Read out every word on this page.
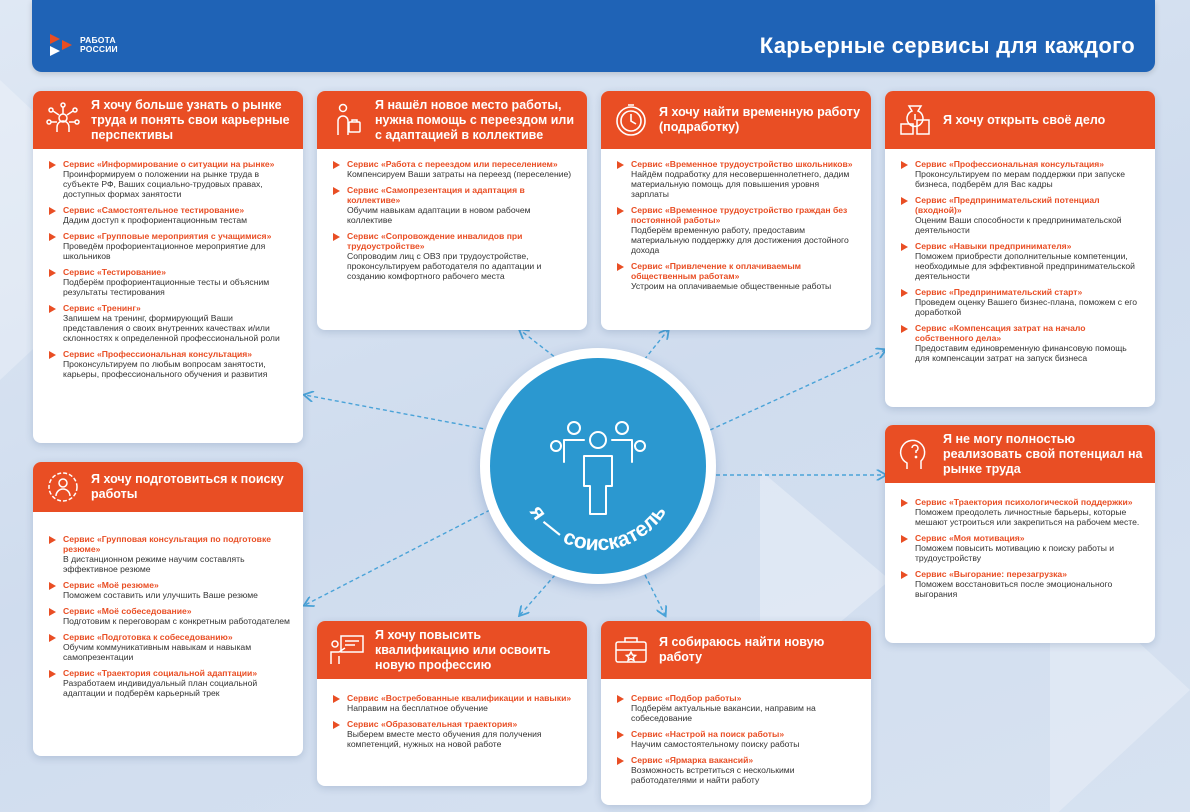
РАБОТА
РОССИИ	Карьерные сервисы для каждого
я — соискатель
Я хочу больше узнать о рынке труда и понять свои карьерные перспективы
Сервис «Информирование о ситуации на рынке»
Проинформируем о положении на рынке труда в субъекте РФ, Ваших социально-трудовых правах, доступных формах занятости
Сервис «Самостоятельное тестирование»
Дадим доступ к профориентационным тестам
Сервис «Групповые мероприятия с учащимися»
Проведём профориентационное мероприятие для школьников
Сервис «Тестирование»
Подберём профориентационные тесты и объясним результаты тестирования
Сервис «Тренинг»
Запишем на тренинг, формирующий Ваши представления о своих внутренних качествах и/или склонностях к определенной профессиональной роли
Сервис «Профессиональная консультация»
Проконсультируем по любым вопросам занятости, карьеры, профессионального обучения и развития
Я нашёл новое место работы, нужна помощь с переездом или с адаптацией в коллективе
Сервис «Работа с переездом или переселением»
Компенсируем Ваши затраты на переезд (переселение)
Сервис «Самопрезентация и адаптация в коллективе»
Обучим навыкам адаптации в новом рабочем коллективе
Сервис «Сопровождение инвалидов при трудоустройстве»
Сопроводим лиц с ОВЗ при трудоустройстве, проконсультируем работодателя по адаптации и созданию комфортного рабочего места
Я хочу найти временную работу (подработку)
Сервис «Временное трудоустройство школьников»
Найдём подработку для несовершеннолетнего, дадим материальную помощь для повышения уровня зарплаты
Сервис «Временное трудоустройство граждан без постоянной работы»
Подберём временную работу, предоставим материальную поддержку для достижения достойного дохода
Сервис «Привлечение к оплачиваемым общественным работам»
Устроим на оплачиваемые общественные работы
Я хочу открыть своё дело
Сервис «Профессиональная консультация»
Проконсультируем по мерам поддержки при запуске бизнеса, подберём для Вас кадры
Сервис «Предпринимательский потенциал (входной)»
Оценим Ваши способности к предпринимательской деятельности
Сервис «Навыки предпринимателя»
Поможем приобрести дополнительные компетенции, необходимые для эффективной предпринимательской деятельности
Сервис «Предпринимательский старт»
Проведем оценку Вашего бизнес-плана, поможем с его доработкой
Сервис «Компенсация затрат на начало собственного дела»
Предоставим единовременную финансовую помощь для компенсации затрат на запуск бизнеса
Я хочу подготовиться к поиску работы
Сервис «Групповая консультация по подготовке резюме»
В дистанционном режиме научим составлять эффективное резюме
Сервис «Моё резюме»
Поможем составить или улучшить Ваше резюме
Сервис «Моё собеседование»
Подготовим к переговорам с конкретным работодателем
Сервис «Подготовка к собеседованию»
Обучим коммуникативным навыкам и навыкам самопрезентации
Сервис «Траектория социальной адаптации»
Разработаем индивидуальный план социальной адаптации и подберём карьерный трек
Я хочу повысить квалификацию или освоить новую профессию
Сервис «Востребованные квалификации и навыки»
Направим на бесплатное обучение
Сервис «Образовательная траектория»
Выберем вместе место обучения для получения компетенций, нужных на новой работе
Я собираюсь найти новую работу
Сервис «Подбор работы»
Подберём актуальные вакансии, направим на собеседование
Сервис «Настрой на поиск работы»
Научим самостоятельному поиску работы
Сервис «Ярмарка вакансий»
Возможность встретиться с несколькими работодателями и найти работу
Я не могу полностью реализовать свой потенциал на рынке труда
Сервис «Траектория психологической поддержки»
Поможем преодолеть личностные барьеры, которые мешают устроиться или закрепиться на рабочем месте.
Сервис «Моя мотивация»
Поможем повысить мотивацию к поиску работы и трудоустройству
Сервис «Выгорание: перезагрузка»
Поможем восстановиться после эмоционального выгорания
